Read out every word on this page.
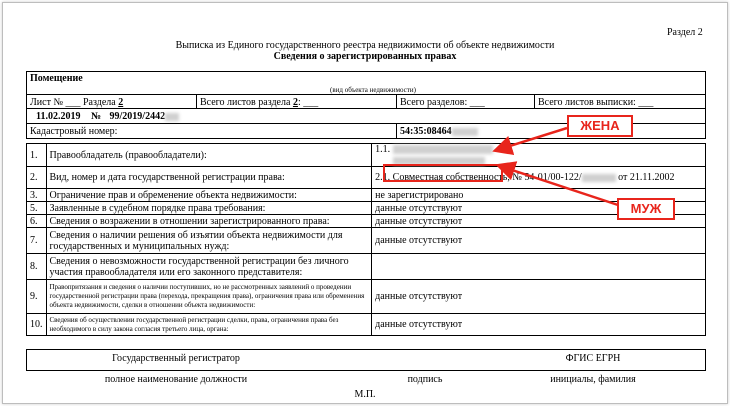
Раздел 2
Выписка из Единого государственного реестра недвижимости об объекте недвижимости
Сведения о зарегистрированных правах
Помещение
(вид объекта недвижимости)
Лист № ___ Раздела 2	Всего листов раздела 2: ___	Всего разделов: ___	Всего листов выписки: ___
11.02.2019 № 99/2019/2442
Кадастровый номер:	54:35:08464
1.	Правообладатель (правообладатели):	1.1.

2.	Вид, номер и дата государственной регистрации права:	2.1. Совместная собственность, № 54-01/00-122/ от 21.11.2002
3.	Ограничение прав и обременение объекта недвижимости:	не зарегистрировано
5.	Заявленные в судебном порядке права требования:	данные отсутствуют
6.	Сведения о возражении в отношении зарегистрированного права:	данные отсутствуют
7.	Сведения о наличии решения об изъятии объекта недвижимости для государственных и муниципальных нужд:	данные отсутствуют
8.	Сведения о невозможности государственной регистрации без личного участия правообладателя или его законного представителя:	
9.	Правопритязания и сведения о наличии поступивших, но не рассмотренных заявлений о проведении государственной регистрации права (перехода, прекращения права), ограничения права или обременения объекта недвижимости, сделки в отношении объекта недвижимости:	данные отсутствуют
10.	Сведения об осуществлении государственной регистрации сделки, права, ограничения права без необходимого в силу закона согласия третьего лица, органа:	данные отсутствуют
Государственный регистратор	ФГИС ЕГРН
полное наименование должности	подпись	инициалы, фамилия
М.П.
ЖЕНА
МУЖ
